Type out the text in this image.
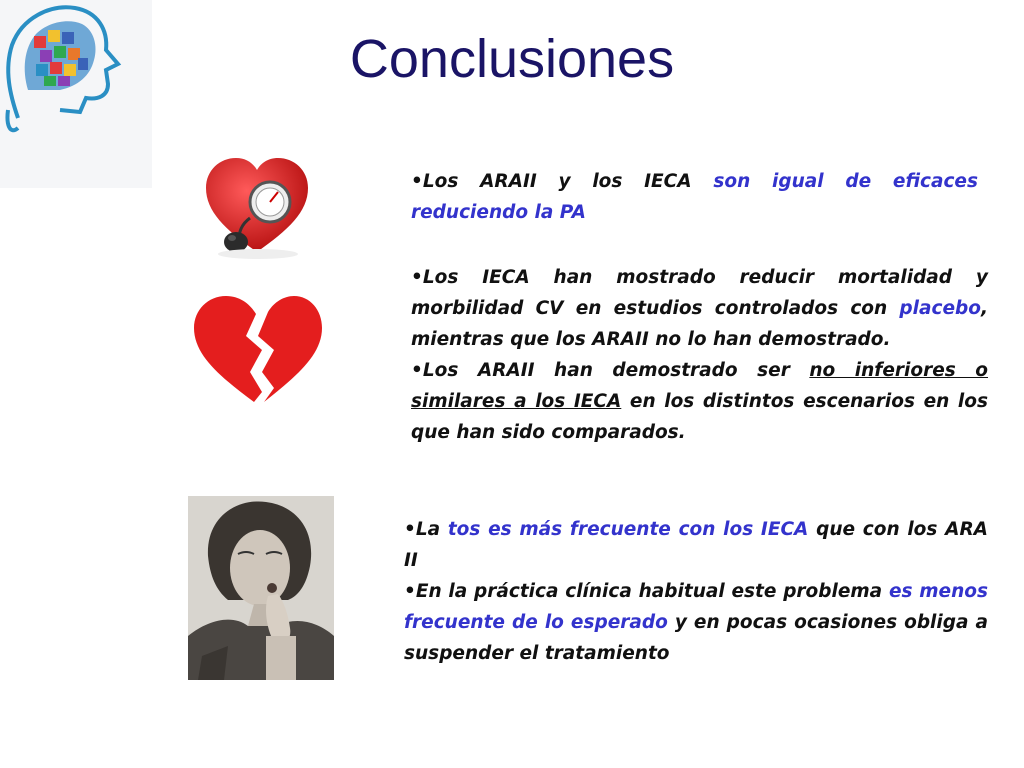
Conclusiones

•Los ARAII y los IECA son igual de eficaces reduciendo la PA

•Los IECA han mostrado reducir mortalidad y morbilidad CV en estudios controlados con placebo, mientras que los ARAII no lo han demostrado.

•Los ARAII han demostrado ser no inferiores o similares a los IECA en los distintos escenarios en los que han sido comparados.

•La tos es más frecuente con los IECA que con los ARA II

•En la práctica clínica habitual este problema es menos frecuente de lo esperado y en pocas ocasiones obliga a suspender el tratamiento
